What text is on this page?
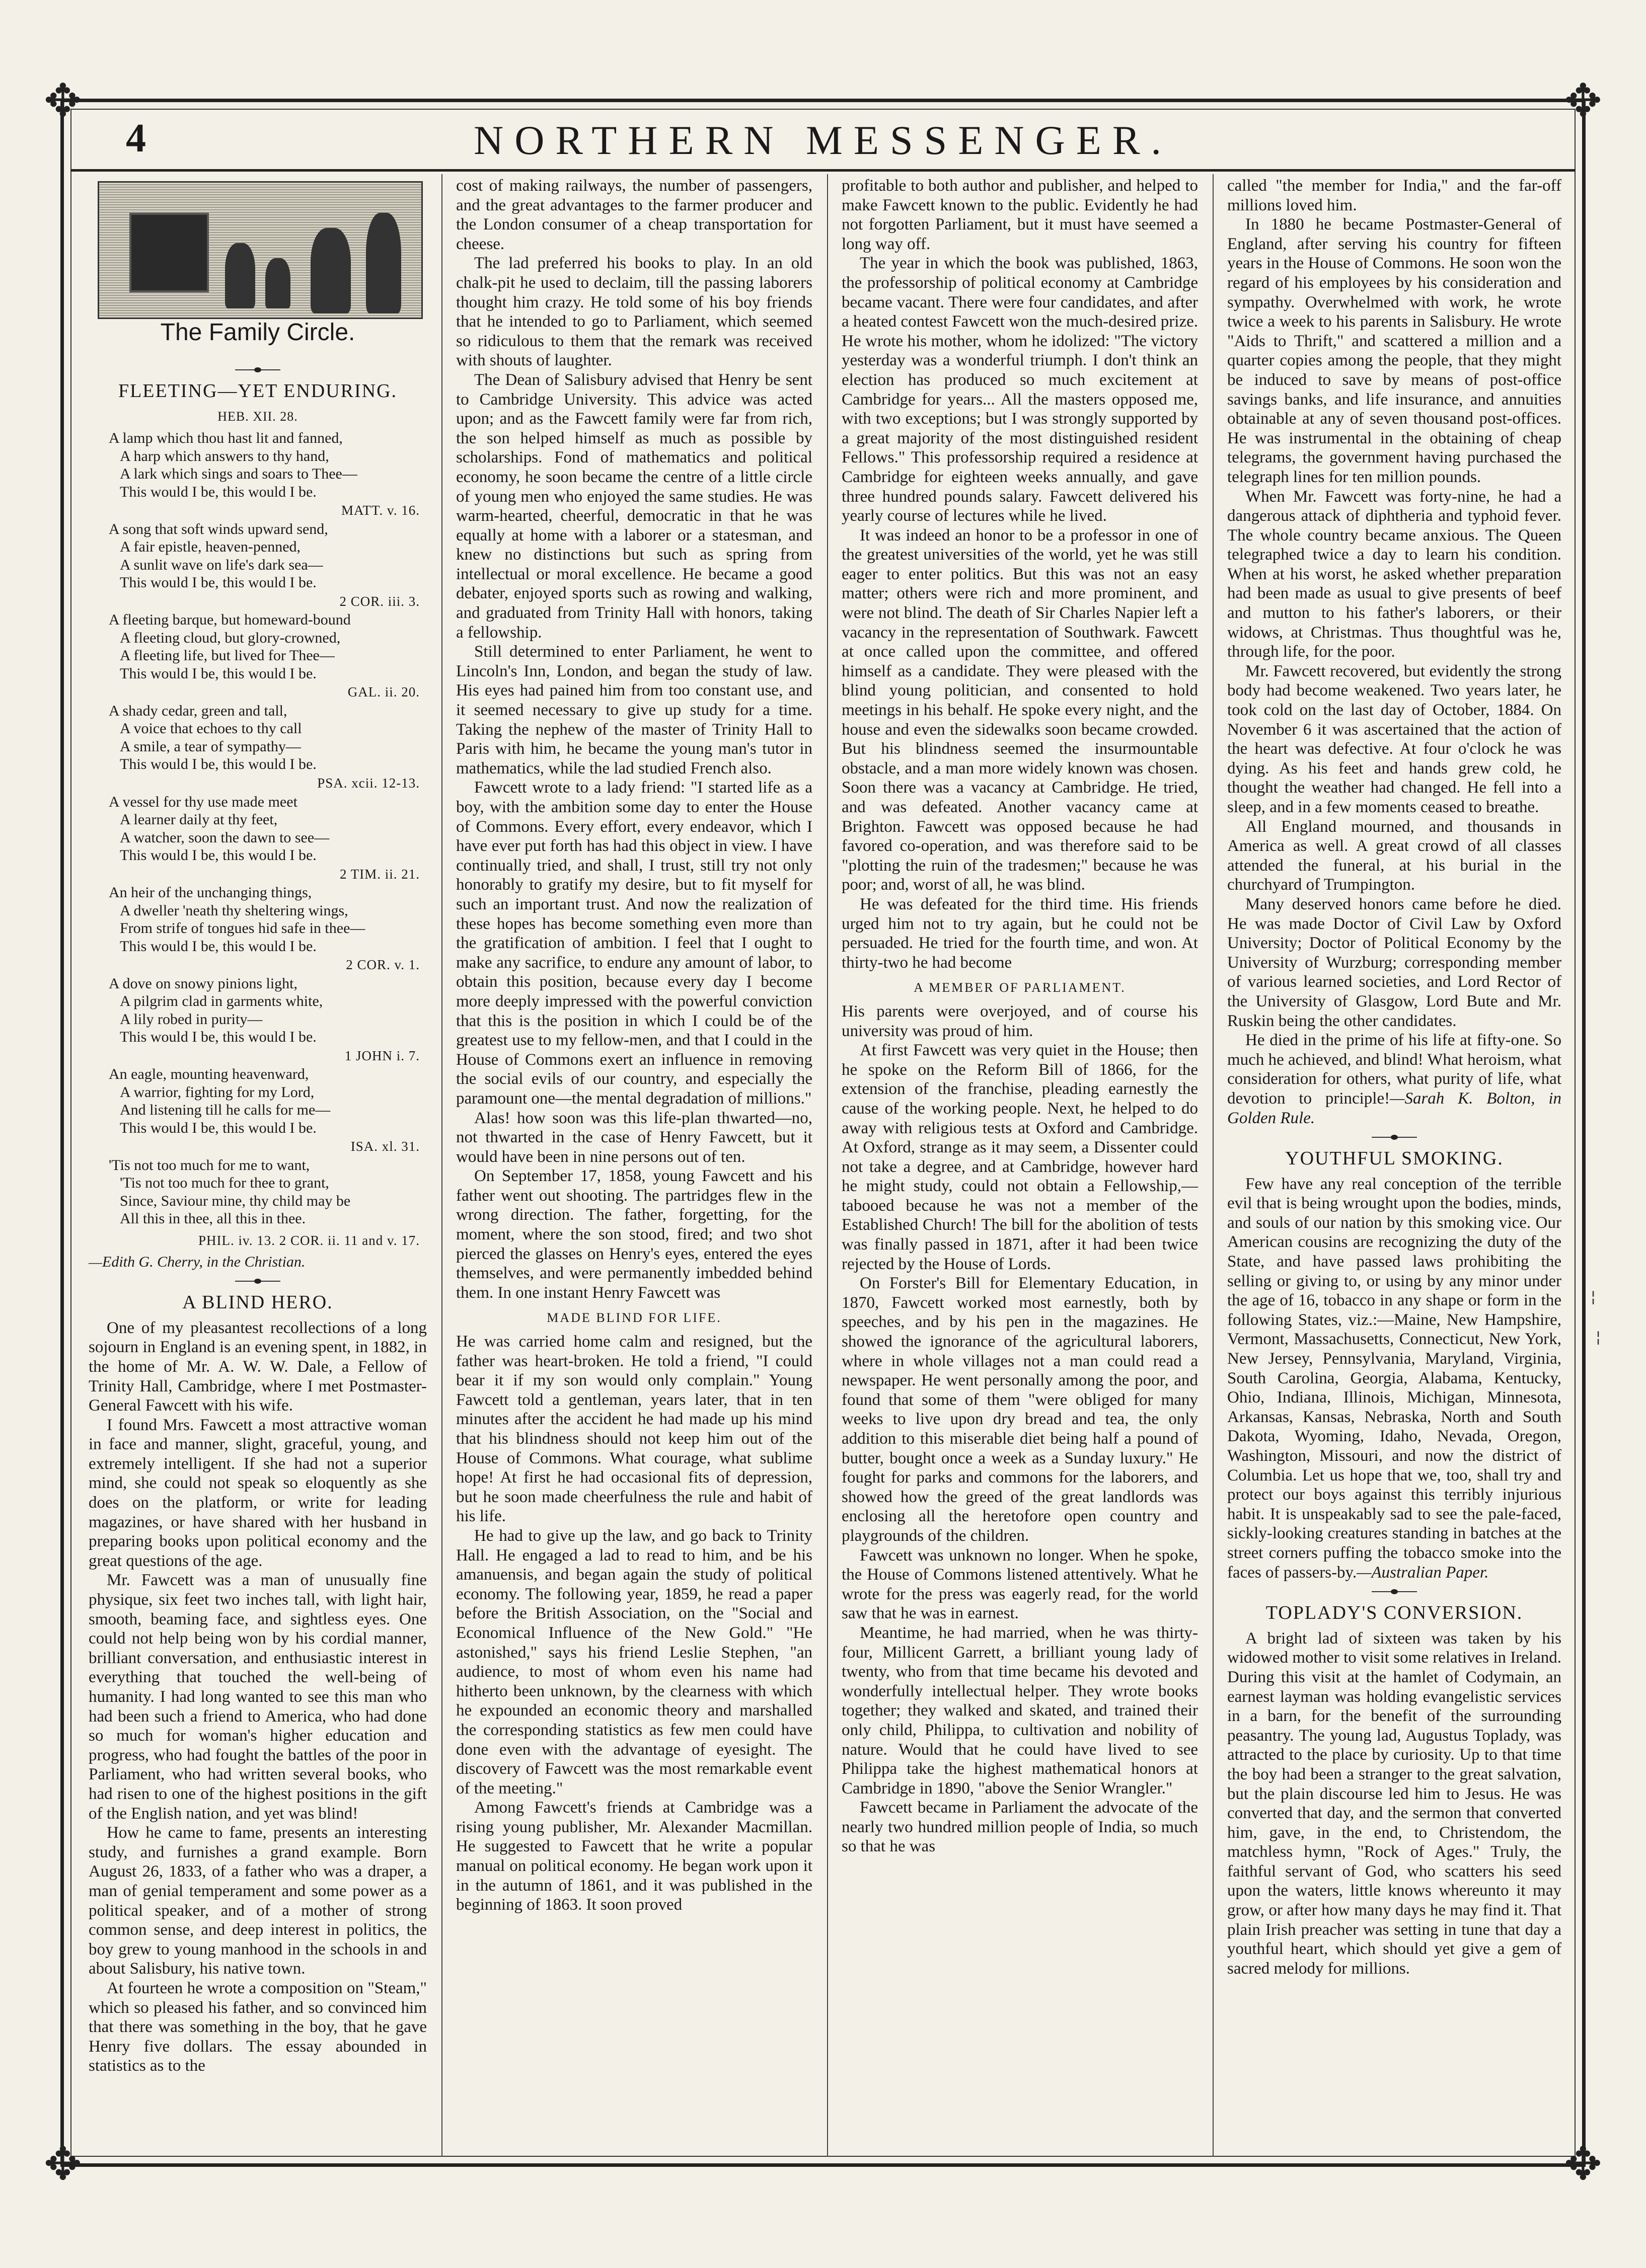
✥	✥
✥	✥
4	NORTHERN MESSENGER.
The Family Circle.
FLEETING—YET ENDURING.
HEB. XII. 28.
A lamp which thou hast lit and fanned,
A harp which answers to thy hand,
A lark which sings and soars to Thee—
This would I be, this would I be.
MATT. v. 16.
A song that soft winds upward send,
A fair epistle, heaven-penned,
A sunlit wave on life's dark sea—
This would I be, this would I be.
2 COR. iii. 3.
A fleeting barque, but homeward-bound
A fleeting cloud, but glory-crowned,
A fleeting life, but lived for Thee—
This would I be, this would I be.
GAL. ii. 20.
A shady cedar, green and tall,
A voice that echoes to thy call
A smile, a tear of sympathy—
This would I be, this would I be.
PSA. xcii. 12-13.
A vessel for thy use made meet
A learner daily at thy feet,
A watcher, soon the dawn to see—
This would I be, this would I be.
2 TIM. ii. 21.
An heir of the unchanging things,
A dweller 'neath thy sheltering wings,
From strife of tongues hid safe in thee—
This would I be, this would I be.
2 COR. v. 1.
A dove on snowy pinions light,
A pilgrim clad in garments white,
A lily robed in purity—
This would I be, this would I be.
1 JOHN i. 7.
An eagle, mounting heavenward,
A warrior, fighting for my Lord,
And listening till he calls for me—
This would I be, this would I be.
ISA. xl. 31.
'Tis not too much for me to want,
'Tis not too much for thee to grant,
Since, Saviour mine, thy child may be
All this in thee, all this in thee.
PHIL. iv. 13. 2 COR. ii. 11 and v. 17.
—Edith G. Cherry, in the Christian.
A BLIND HERO.

One of my pleasantest recollections of a long sojourn in England is an evening spent, in 1882, in the home of Mr. A. W. W. Dale, a Fellow of Trinity Hall, Cambridge, where I met Postmaster-General Fawcett with his wife.

I found Mrs. Fawcett a most attractive woman in face and manner, slight, graceful, young, and extremely intelligent. If she had not a superior mind, she could not speak so eloquently as she does on the platform, or write for leading magazines, or have shared with her husband in preparing books upon political economy and the great questions of the age.

Mr. Fawcett was a man of unusually fine physique, six feet two inches tall, with light hair, smooth, beaming face, and sightless eyes. One could not help being won by his cordial manner, brilliant conversation, and enthusiastic interest in everything that touched the well-being of humanity. I had long wanted to see this man who had been such a friend to America, who had done so much for woman's higher education and progress, who had fought the battles of the poor in Parliament, who had written several books, who had risen to one of the highest positions in the gift of the English nation, and yet was blind!

How he came to fame, presents an interesting study, and furnishes a grand example. Born August 26, 1833, of a father who was a draper, a man of genial temperament and some power as a political speaker, and of a mother of strong common sense, and deep interest in politics, the boy grew to young manhood in the schools in and about Salisbury, his native town.

At fourteen he wrote a composition on "Steam," which so pleased his father, and so convinced him that there was something in the boy, that he gave Henry five dollars. The essay abounded in statistics as to the

cost of making railways, the number of passengers, and the great advantages to the farmer producer and the London consumer of a cheap transportation for cheese.

The lad preferred his books to play. In an old chalk-pit he used to declaim, till the passing laborers thought him crazy. He told some of his boy friends that he intended to go to Parliament, which seemed so ridiculous to them that the remark was received with shouts of laughter.

The Dean of Salisbury advised that Henry be sent to Cambridge University. This advice was acted upon; and as the Fawcett family were far from rich, the son helped himself as much as possible by scholarships. Fond of mathematics and political economy, he soon became the centre of a little circle of young men who enjoyed the same studies. He was warm-hearted, cheerful, democratic in that he was equally at home with a laborer or a statesman, and knew no distinctions but such as spring from intellectual or moral excellence. He became a good debater, enjoyed sports such as rowing and walking, and graduated from Trinity Hall with honors, taking a fellowship.

Still determined to enter Parliament, he went to Lincoln's Inn, London, and began the study of law. His eyes had pained him from too constant use, and it seemed necessary to give up study for a time. Taking the nephew of the master of Trinity Hall to Paris with him, he became the young man's tutor in mathematics, while the lad studied French also.

Fawcett wrote to a lady friend: "I started life as a boy, with the ambition some day to enter the House of Commons. Every effort, every endeavor, which I have ever put forth has had this object in view. I have continually tried, and shall, I trust, still try not only honorably to gratify my desire, but to fit myself for such an important trust. And now the realization of these hopes has become something even more than the gratification of ambition. I feel that I ought to make any sacrifice, to endure any amount of labor, to obtain this position, because every day I become more deeply impressed with the powerful conviction that this is the position in which I could be of the greatest use to my fellow-men, and that I could in the House of Commons exert an influence in removing the social evils of our country, and especially the paramount one—the mental degradation of millions."

Alas! how soon was this life-plan thwarted—no, not thwarted in the case of Henry Fawcett, but it would have been in nine persons out of ten.

On September 17, 1858, young Fawcett and his father went out shooting. The partridges flew in the wrong direction. The father, forgetting, for the moment, where the son stood, fired; and two shot pierced the glasses on Henry's eyes, entered the eyes themselves, and were permanently imbedded behind them. In one instant Henry Fawcett was

MADE BLIND FOR LIFE.

He was carried home calm and resigned, but the father was heart-broken. He told a friend, "I could bear it if my son would only complain." Young Fawcett told a gentleman, years later, that in ten minutes after the accident he had made up his mind that his blindness should not keep him out of the House of Commons. What courage, what sublime hope! At first he had occasional fits of depression, but he soon made cheerfulness the rule and habit of his life.

He had to give up the law, and go back to Trinity Hall. He engaged a lad to read to him, and be his amanuensis, and began again the study of political economy. The following year, 1859, he read a paper before the British Association, on the "Social and Economical Influence of the New Gold." "He astonished," says his friend Leslie Stephen, "an audience, to most of whom even his name had hitherto been unknown, by the clearness with which he expounded an economic theory and marshalled the corresponding statistics as few men could have done even with the advantage of eyesight. The discovery of Fawcett was the most remarkable event of the meeting."

Among Fawcett's friends at Cambridge was a rising young publisher, Mr. Alexander Macmillan. He suggested to Fawcett that he write a popular manual on political economy. He began work upon it in the autumn of 1861, and it was published in the beginning of 1863. It soon proved

profitable to both author and publisher, and helped to make Fawcett known to the public. Evidently he had not forgotten Parliament, but it must have seemed a long way off.

The year in which the book was published, 1863, the professorship of political economy at Cambridge became vacant. There were four candidates, and after a heated contest Fawcett won the much-desired prize. He wrote his mother, whom he idolized: "The victory yesterday was a wonderful triumph. I don't think an election has produced so much excitement at Cambridge for years... All the masters opposed me, with two exceptions; but I was strongly supported by a great majority of the most distinguished resident Fellows." This professorship required a residence at Cambridge for eighteen weeks annually, and gave three hundred pounds salary. Fawcett delivered his yearly course of lectures while he lived.

It was indeed an honor to be a professor in one of the greatest universities of the world, yet he was still eager to enter politics. But this was not an easy matter; others were rich and more prominent, and were not blind. The death of Sir Charles Napier left a vacancy in the representation of Southwark. Fawcett at once called upon the committee, and offered himself as a candidate. They were pleased with the blind young politician, and consented to hold meetings in his behalf. He spoke every night, and the house and even the sidewalks soon became crowded. But his blindness seemed the insurmountable obstacle, and a man more widely known was chosen. Soon there was a vacancy at Cambridge. He tried, and was defeated. Another vacancy came at Brighton. Fawcett was opposed because he had favored co-operation, and was therefore said to be "plotting the ruin of the tradesmen;" because he was poor; and, worst of all, he was blind.

He was defeated for the third time. His friends urged him not to try again, but he could not be persuaded. He tried for the fourth time, and won. At thirty-two he had become

A MEMBER OF PARLIAMENT.

His parents were overjoyed, and of course his university was proud of him.

At first Fawcett was very quiet in the House; then he spoke on the Reform Bill of 1866, for the extension of the franchise, pleading earnestly the cause of the working people. Next, he helped to do away with religious tests at Oxford and Cambridge. At Oxford, strange as it may seem, a Dissenter could not take a degree, and at Cambridge, however hard he might study, could not obtain a Fellowship,—tabooed because he was not a member of the Established Church! The bill for the abolition of tests was finally passed in 1871, after it had been twice rejected by the House of Lords.

On Forster's Bill for Elementary Education, in 1870, Fawcett worked most earnestly, both by speeches, and by his pen in the magazines. He showed the ignorance of the agricultural laborers, where in whole villages not a man could read a newspaper. He went personally among the poor, and found that some of them "were obliged for many weeks to live upon dry bread and tea, the only addition to this miserable diet being half a pound of butter, bought once a week as a Sunday luxury." He fought for parks and commons for the laborers, and showed how the greed of the great landlords was enclosing all the heretofore open country and playgrounds of the children.

Fawcett was unknown no longer. When he spoke, the House of Commons listened attentively. What he wrote for the press was eagerly read, for the world saw that he was in earnest.

Meantime, he had married, when he was thirty-four, Millicent Garrett, a brilliant young lady of twenty, who from that time became his devoted and wonderfully intellectual helper. They wrote books together; they walked and skated, and trained their only child, Philippa, to cultivation and nobility of nature. Would that he could have lived to see Philippa take the highest mathematical honors at Cambridge in 1890, "above the Senior Wrangler."

Fawcett became in Parliament the advocate of the nearly two hundred million people of India, so much so that he was

called "the member for India," and the far-off millions loved him.

In 1880 he became Postmaster-General of England, after serving his country for fifteen years in the House of Commons. He soon won the regard of his employees by his consideration and sympathy. Overwhelmed with work, he wrote twice a week to his parents in Salisbury. He wrote "Aids to Thrift," and scattered a million and a quarter copies among the people, that they might be induced to save by means of post-office savings banks, and life insurance, and annuities obtainable at any of seven thousand post-offices. He was instrumental in the obtaining of cheap telegrams, the government having purchased the telegraph lines for ten million pounds.

When Mr. Fawcett was forty-nine, he had a dangerous attack of diphtheria and typhoid fever. The whole country became anxious. The Queen telegraphed twice a day to learn his condition. When at his worst, he asked whether preparation had been made as usual to give presents of beef and mutton to his father's laborers, or their widows, at Christmas. Thus thoughtful was he, through life, for the poor.

Mr. Fawcett recovered, but evidently the strong body had become weakened. Two years later, he took cold on the last day of October, 1884. On November 6 it was ascertained that the action of the heart was defective. At four o'clock he was dying. As his feet and hands grew cold, he thought the weather had changed. He fell into a sleep, and in a few moments ceased to breathe.

All England mourned, and thousands in America as well. A great crowd of all classes attended the funeral, at his burial in the churchyard of Trumpington.

Many deserved honors came before he died. He was made Doctor of Civil Law by Oxford University; Doctor of Political Economy by the University of Wurzburg; corresponding member of various learned societies, and Lord Rector of the University of Glasgow, Lord Bute and Mr. Ruskin being the other candidates.

He died in the prime of his life at fifty-one. So much he achieved, and blind! What heroism, what consideration for others, what purity of life, what devotion to principle!—Sarah K. Bolton, in Golden Rule.

YOUTHFUL SMOKING.

Few have any real conception of the terrible evil that is being wrought upon the bodies, minds, and souls of our nation by this smoking vice. Our American cousins are recognizing the duty of the State, and have passed laws prohibiting the selling or giving to, or using by any minor under the age of 16, tobacco in any shape or form in the following States, viz.:—Maine, New Hampshire, Vermont, Massachusetts, Connecticut, New York, New Jersey, Pennsylvania, Maryland, Virginia, South Carolina, Georgia, Alabama, Kentucky, Ohio, Indiana, Illinois, Michigan, Minnesota, Arkansas, Kansas, Nebraska, North and South Dakota, Wyoming, Idaho, Nevada, Oregon, Washington, Missouri, and now the district of Columbia. Let us hope that we, too, shall try and protect our boys against this terribly injurious habit. It is unspeakably sad to see the pale-faced, sickly-looking creatures standing in batches at the street corners puffing the tobacco smoke into the faces of passers-by.—Australian Paper.

TOPLADY'S CONVERSION.

A bright lad of sixteen was taken by his widowed mother to visit some relatives in Ireland. During this visit at the hamlet of Codymain, an earnest layman was holding evangelistic services in a barn, for the benefit of the surrounding peasantry. The young lad, Augustus Toplady, was attracted to the place by curiosity. Up to that time the boy had been a stranger to the great salvation, but the plain discourse led him to Jesus. He was converted that day, and the sermon that converted him, gave, in the end, to Christendom, the matchless hymn, "Rock of Ages." Truly, the faithful servant of God, who scatters his seed upon the waters, little knows whereunto it may grow, or after how many days he may find it. That plain Irish preacher was setting in tune that day a youthful heart, which should yet give a gem of sacred melody for millions.

¦
¦
